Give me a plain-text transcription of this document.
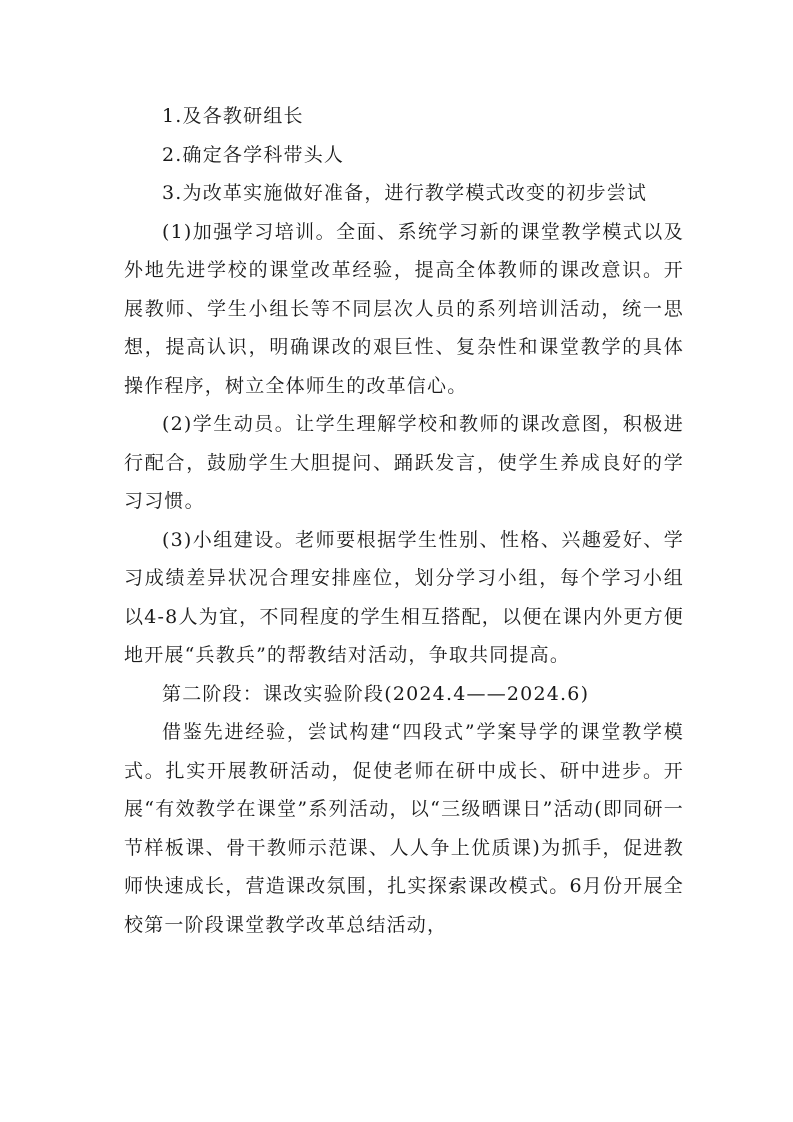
1.及各教研组长

2.确定各学科带头人

3.为改革实施做好准备，进行教学模式改变的初步尝试

(1)加强学习培训。全面、系统学习新的课堂教学模式以及外地先进学校的课堂改革经验，提高全体教师的课改意识。开展教师、学生小组长等不同层次人员的系列培训活动，统一思想，提高认识，明确课改的艰巨性、复杂性和课堂教学的具体操作程序，树立全体师生的改革信心。

(2)学生动员。让学生理解学校和教师的课改意图，积极进行配合，鼓励学生大胆提问、踊跃发言，使学生养成良好的学习习惯。

(3)小组建设。老师要根据学生性别、性格、兴趣爱好、学习成绩差异状况合理安排座位，划分学习小组，每个学习小组以4-8人为宜，不同程度的学生相互搭配，以便在课内外更方便地开展“兵教兵”的帮教结对活动，争取共同提高。

第二阶段：课改实验阶段(2024.4——2024.6)

借鉴先进经验，尝试构建“四段式”学案导学的课堂教学模式。扎实开展教研活动，促使老师在研中成长、研中进步。开展“有效教学在课堂”系列活动，以“三级晒课日”活动(即同研一节样板课、骨干教师示范课、人人争上优质课)为抓手，促进教师快速成长，营造课改氛围，扎实探索课改模式。6月份开展全校第一阶段课堂教学改革总结活动，
